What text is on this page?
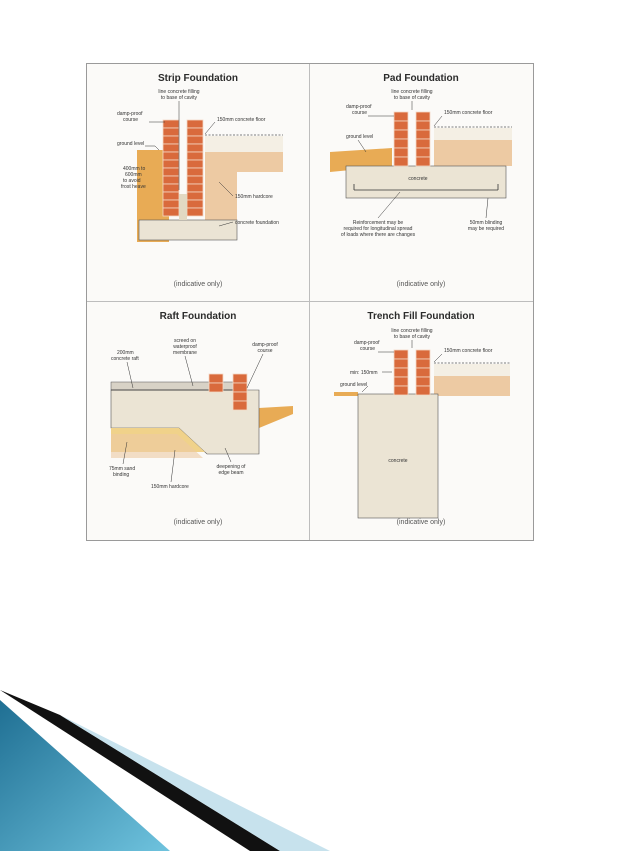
Strip Foundation
line concrete filling
to base of cavity
damp-proof
course
ground level
150mm concrete floor
400mm to
600mm
to avoid
frost heave
150mm hardcore
concrete foundation
(indicative only)
Pad Foundation
line concrete filling
to base of cavity
damp-proof
course	150mm concrete floor
ground level
concrete
Reinforcement may be
required for longitudinal spread
of loads where there are changes
50mm blinding
may be required
(indicative only)
Raft Foundation
200mm
concrete raft
screed on
waterproof
membrane
damp-proof
course
75mm sand
binding
150mm hardcore
deepening of
edge beam
(indicative only)
Trench Fill Foundation
line concrete filling
to base of cavity
damp-proof
course	150mm concrete floor
min: 150mm
ground level
concrete
(indicative only)
